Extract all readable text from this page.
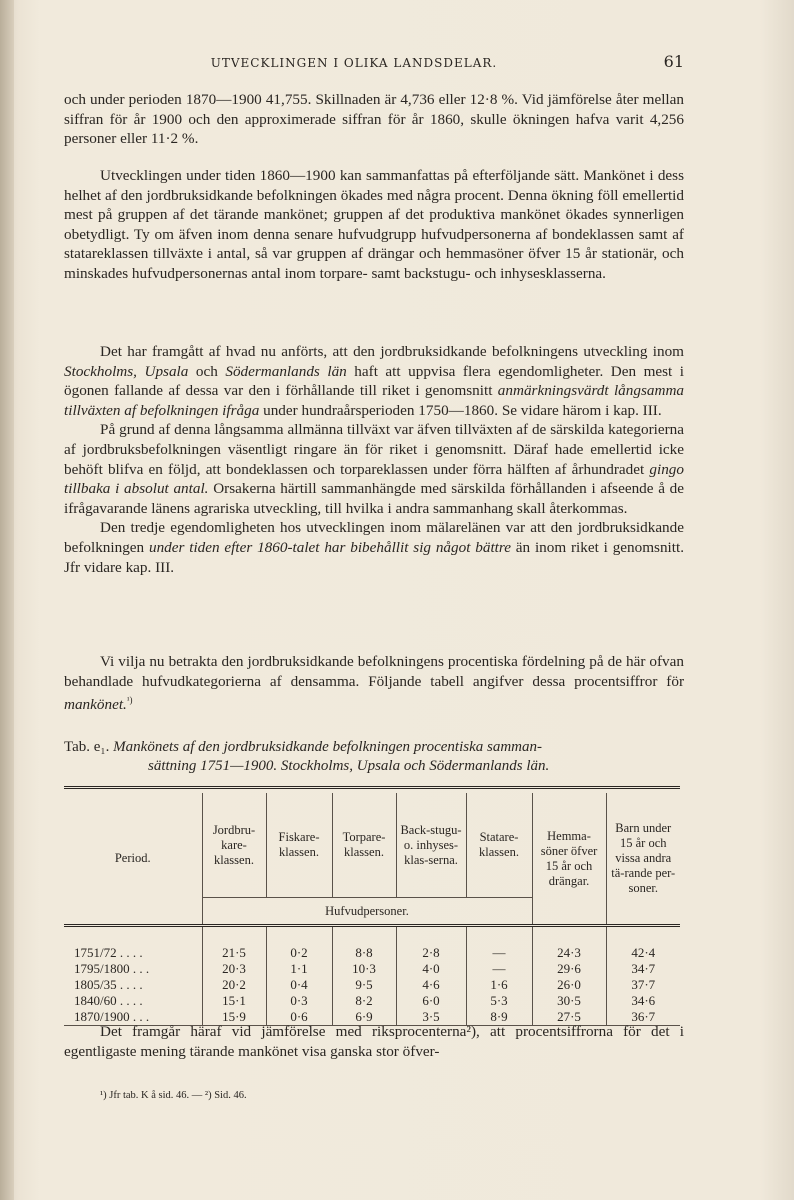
UTVECKLINGEN I OLIKA LANDSDELAR.	61

och under perioden 1870—1900 41,755. Skillnaden är 4,736 eller 12·8 %. Vid jämförelse åter mellan siffran för år 1900 och den approximerade siffran för år 1860, skulle ökningen hafva varit 4,256 personer eller 11·2 %.

Utvecklingen under tiden 1860—1900 kan sammanfattas på efterföljande sätt. Mankönet i dess helhet af den jordbruksidkande befolkningen ökades med några procent. Denna ökning föll emellertid mest på gruppen af det tärande mankönet; gruppen af det produktiva mankönet ökades synnerligen obetydligt. Ty om äfven inom denna senare hufvudgrupp hufvudpersonerna af bondeklassen samt af statareklassen tillväxte i antal, så var gruppen af drängar och hemmasöner öfver 15 år stationär, och minskades hufvudpersonernas antal inom torpare- samt backstugu- och inhysesklasserna.

Det har framgått af hvad nu anförts, att den jordbruksidkande befolkningens utveckling inom Stockholms, Upsala och Södermanlands län haft att uppvisa flera egendomligheter. Den mest i ögonen fallande af dessa var den i förhållande till riket i genomsnitt anmärkningsvärdt långsamma tillväxten af befolkningen ifråga under hundraårsperioden 1750—1860. Se vidare härom i kap. III.

På grund af denna långsamma allmänna tillväxt var äfven tillväxten af de särskilda kategorierna af jordbruksbefolkningen väsentligt ringare än för riket i genomsnitt. Däraf hade emellertid icke behöft blifva en följd, att bondeklassen och torpareklassen under förra hälften af århundradet gingo tillbaka i absolut antal. Orsakerna härtill sammanhängde med särskilda förhållanden i afseende å de ifrågavarande länens agrariska utveckling, till hvilka i andra sammanhang skall återkommas.

Den tredje egendomligheten hos utvecklingen inom mälarelänen var att den jordbruksidkande befolkningen under tiden efter 1860-talet har bibehållit sig något bättre än inom riket i genomsnitt. Jfr vidare kap. III.

Vi vilja nu betrakta den jordbruksidkande befolkningens procentiska fördelning på de här ofvan behandlade hufvudkategorierna af densamma. Följande tabell angifver dessa procentsiffror för mankönet.$^{^1)}$

Tab. e₁. Mankönets af den jordbruksidkande befolkningen procentiska samman-
sättning 1751—1900. Stockholms, Upsala och Södermanlands län.
Period.	Jordbru-kare-klassen.	Fiskare-klassen.	Torpare-klassen.	Back-stugu- o. inhyses-klas-serna.	Statare-klassen.	Hemma-söner öfver 15 år och drängar.	Barn under 15 år och vissa andra tä-rande per-soner.
	Hufvudpersoner.						

1751/72 . . . .	21·5	0·2	8·8	2·8	—	24·3	42·4
1795/1800 . . .	20·3	1·1	10·3	4·0	—	29·6	34·7
1805/35 . . . .	20·2	0·4	9·5	4·6	1·6	26·0	37·7
1840/60 . . . .	15·1	0·3	8·2	6·0	5·3	30·5	34·6
1870/1900 . . .	15·9	0·6	6·9	3·5	8·9	27·5	36·7

Det framgår häraf vid jämförelse med riksprocenterna²), att procentsiffrorna för det i egentligaste mening tärande mankönet visa ganska stor öfver-

¹) Jfr tab. K å sid. 46. — ²) Sid. 46.
